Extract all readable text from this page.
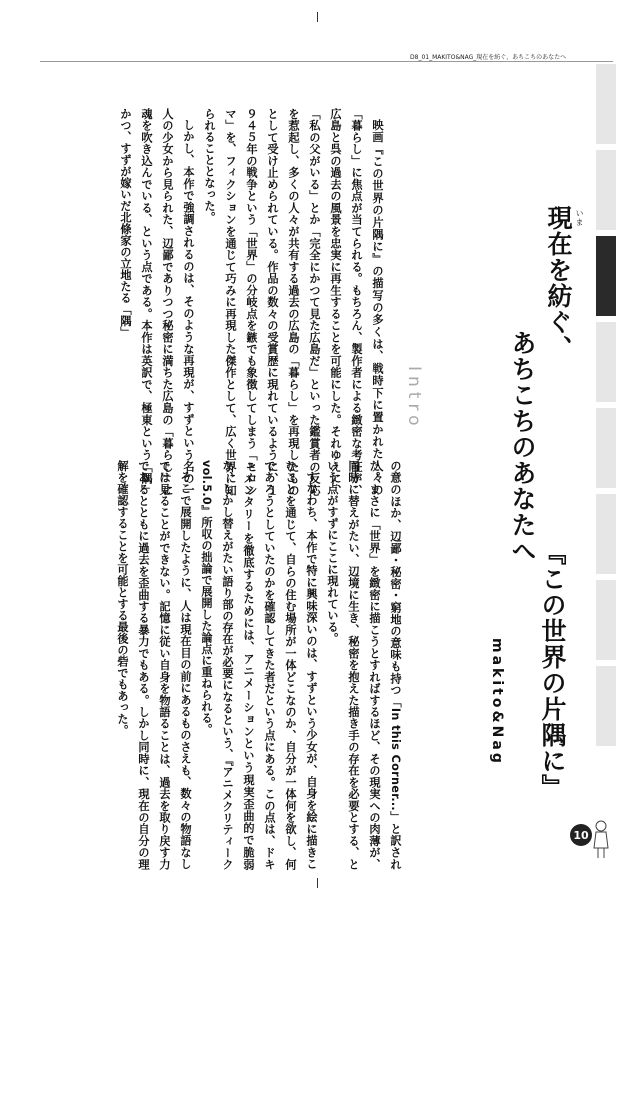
D8_01_MAKITO&NAG_現在を紡ぐ、あちこちのあなたへ
いま
現在を紡ぐ、
あちこちのあなたへ
『この世界の片隅に』
makito&Nag
Intro

映画『この世界の片隅に』の描写の多くは、戦時下に置かれた人々の「暮らし」に焦点が当てられる。もちろん、製作者による緻密な考証が、広島と呉の過去の風景を忠実に再生することを可能にした。それゆえに、「私の父がいる」とか「完全にかつて見た広島だ」といった鑑賞者の反応を惹起し、多くの人々が共有する過去の広島の「暮らし」を再現したものとして受け止められている。作品の数々の受賞歴に現れているように、１９４５年の戦争という「世界」の分岐点を鏃でも象徴してしまう「ヒロシマ」を、フィクションを通じて巧みに再現した傑作として、広く世界に知られることとなった。

しかし、本作で強調されるのは、そのような再現が、すずという名の一人の少女から見られた、辺鄙でありつつ秘密に満ちた広島の「暮らし」に魂を吹き込んでいる、という点である。本作は英訳で、極東という「隅」かつ、すずが嫁いだ北條家の立地たる「隅」

の意のほか、辺鄙・秘密・窮地の意味も持つ「In this Corner...」と訳された。まさに「世界」を緻密に描こうとすればするほど、その現実への肉薄が、同時に替えがたい、辺境に生き、秘密を抱えた描き手の存在を必要とする、という点がすずにここに現れている。

すなわち、本作で特に興味深いのは、すずという少女が、自身を絵に描きこむことを通じて、自らの住む場所が一体どこなのか、自分が一体何を欲し、何であろうとしていたのかを確認してきた者だという点にある。この点は、ドキュメンタリーを徹底するためには、アニメーションという現実歪曲的で脆弱な、しかし替えがたい語り部の存在が必要になるという、『アニメクリティークvol.5.0』所収の拙論で展開した論点に重ねられる。

そこで展開したように、人は現在目の前にあるものさえも、数々の物語なしでは見ることができない。記憶に従い自身を物語ることは、過去を取り戻す力であるとともに過去を歪曲する暴力でもある。しかし同時に、現在の自分の理解を確認することを可能とする最後の砦でもあった。

10
